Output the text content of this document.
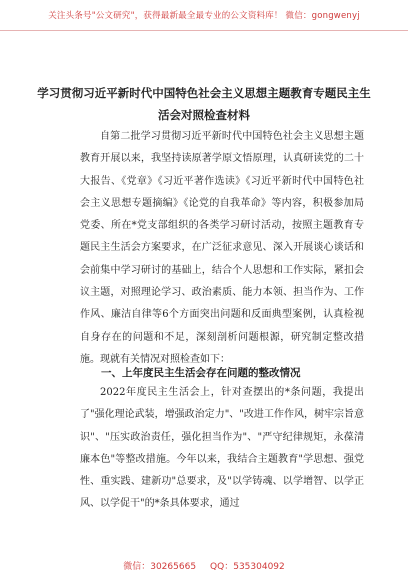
关注头条号"公文研究"，获得最新最全最专业的公文资料库！ 微信：gongwenyj
学习贯彻习近平新时代中国特色社会主义思想主题教育专题民主生活会对照检查材料
自第二批学习贯彻习近平新时代中国特色社会主义思想主题教育开展以来，我坚持读原著学原文悟原理，认真研读党的二十大报告、《党章》《习近平著作选读》《习近平新时代中国特色社会主义思想专题摘编》《论党的自我革命》等内容，积极参加局党委、所在*党支部组织的各类学习研讨活动，按照主题教育专题民主生活会方案要求，在广泛征求意见、深入开展谈心谈话和会前集中学习研讨的基础上，结合个人思想和工作实际，紧扣会议主题，对照理论学习、政治素质、能力本领、担当作为、工作作风、廉洁自律等6个方面突出问题和反面典型案例，认真检视自身存在的问题和不足，深刻剖析问题根源，研究制定整改措施。现就有关情况对照检查如下：
一、上年度民主生活会存在问题的整改情况
2022年度民主生活会上，针对查摆出的*条问题，我提出了"强化理论武装，增强政治定力"、"改进工作作风，树牢宗旨意识"、"压实政治责任，强化担当作为"、"严守纪律规矩，永葆清廉本色"等整改措施。今年以来，我结合主题教育"学思想、强党性、重实践、建新功"总要求，及"以学铸魂、以学增智、以学正风、以学促干"的*条具体要求，通过
微信：30265665 QQ：535304092
